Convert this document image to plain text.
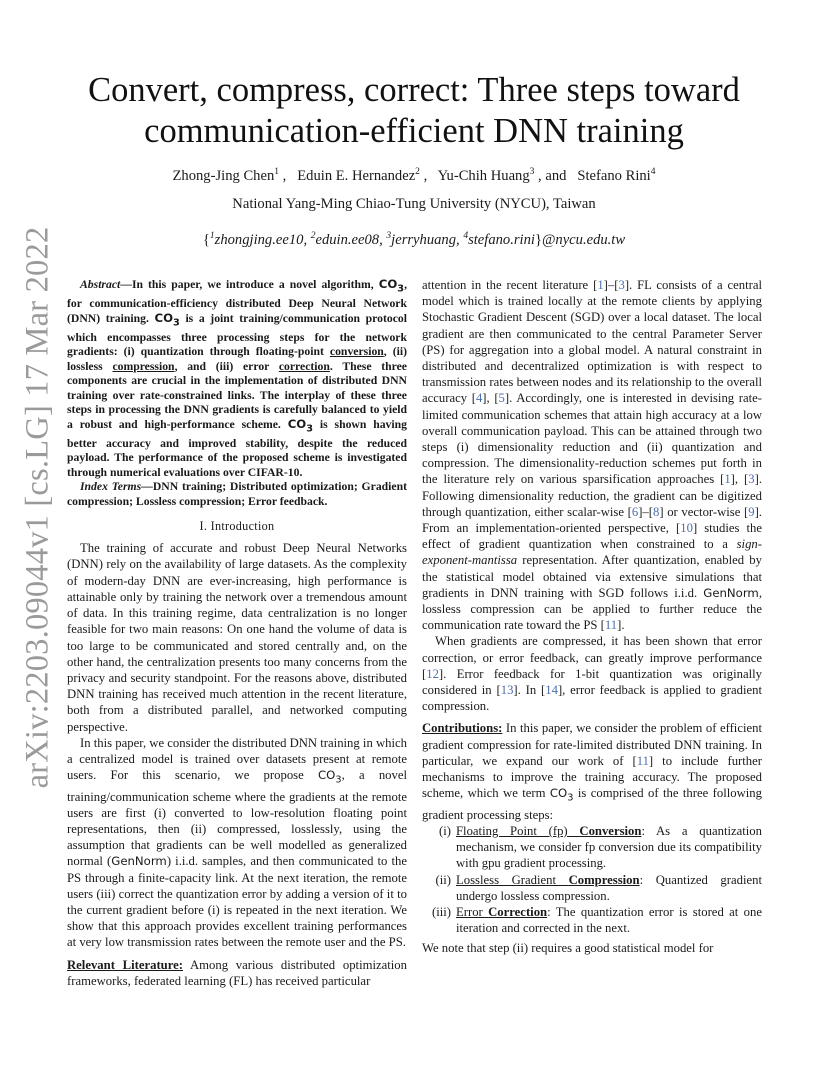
arXiv:2203.09044v1 [cs.LG] 17 Mar 2022
Convert, compress, correct: Three steps toward
communication-efficient DNN training
Zhong-Jing Chen$^1$ ,   Eduin E. Hernandez$^2$ ,   Yu-Chih Huang$^3$ , and   Stefano Rini$^4$
National Yang-Ming Chiao-Tung University (NYCU), Taiwan
{$^1$zhongjing.ee10, $^2$eduin.ee08, $^3$jerryhuang, $^4$stefano.rini}@nycu.edu.tw

Abstract—In this paper, we introduce a novel algorithm, $CO_3$, for communication-efficiency distributed Deep Neural Network (DNN) training. $CO_3$ is a joint training/communication protocol which encompasses three processing steps for the network gradients: (i) quantization through floating-point conversion, (ii) lossless compression, and (iii) error correction. These three components are crucial in the implementation of distributed DNN training over rate-constrained links. The interplay of these three steps in processing the DNN gradients is carefully balanced to yield a robust and high-performance scheme. $CO_3$ is shown having better accuracy and improved stability, despite the reduced payload. The performance of the proposed scheme is investigated through numerical evaluations over CIFAR-10.

Index Terms—DNN training; Distributed optimization; Gradient compression; Lossless compression; Error feedback.

I. Introduction

The training of accurate and robust Deep Neural Networks (DNN) rely on the availability of large datasets. As the complexity of modern-day DNN are ever-increasing, high performance is attainable only by training the network over a tremendous amount of data. In this training regime, data centralization is no longer feasible for two main reasons: On one hand the volume of data is too large to be communicated and stored centrally and, on the other hand, the centralization presents too many concerns from the privacy and security standpoint. For the reasons above, distributed DNN training has received much attention in the recent literature, both from a distributed parallel, and networked computing perspective.

In this paper, we consider the distributed DNN training in which a centralized model is trained over datasets present at remote users. For this scenario, we propose $CO_3$, a novel training/communication scheme where the gradients at the remote users are first (i) converted to low-resolution floating point representations, then (ii) compressed, losslessly, using the assumption that gradients can be well modelled as generalized normal (GenNorm) i.i.d. samples, and then communicated to the PS through a finite-capacity link. At the next iteration, the remote users (iii) correct the quantization error by adding a version of it to the current gradient before (i) is repeated in the next iteration. We show that this approach provides excellent training performances at very low transmission rates between the remote user and the PS.

Relevant Literature: Among various distributed optimization frameworks, federated learning (FL) has received particular

attention in the recent literature [1]–[3]. FL consists of a central model which is trained locally at the remote clients by applying Stochastic Gradient Descent (SGD) over a local dataset. The local gradient are then communicated to the central Parameter Server (PS) for aggregation into a global model. A natural constraint in distributed and decentralized optimization is with respect to transmission rates between nodes and its relationship to the overall accuracy [4], [5]. Accordingly, one is interested in devising rate-limited communication schemes that attain high accuracy at a low overall communication payload. This can be attained through two steps (i) dimensionality reduction and (ii) quantization and compression. The dimensionality-reduction schemes put forth in the literature rely on various sparsification approaches [1], [3]. Following dimensionality reduction, the gradient can be digitized through quantization, either scalar-wise [6]–[8] or vector-wise [9]. From an implementation-oriented perspective, [10] studies the effect of gradient quantization when constrained to a sign-exponent-mantissa representation. After quantization, enabled by the statistical model obtained via extensive simulations that gradients in DNN training with SGD follows i.i.d. GenNorm, lossless compression can be applied to further reduce the communication rate toward the PS [11].

When gradients are compressed, it has been shown that error correction, or error feedback, can greatly improve performance [12]. Error feedback for 1-bit quantization was originally considered in [13]. In [14], error feedback is applied to gradient compression.

Contributions: In this paper, we consider the problem of efficient gradient compression for rate-limited distributed DNN training. In particular, we expand our work of [11] to include further mechanisms to improve the training accuracy. The proposed scheme, which we term $CO_3$ is comprised of the three following gradient processing steps:

(i) Floating Point (fp) Conversion: As a quantization mechanism, we consider fp conversion due its compatibility with gpu gradient processing.
(ii) Lossless Gradient Compression: Quantized gradient undergo lossless compression.
(iii) Error Correction: The quantization error is stored at one iteration and corrected in the next.

We note that step (ii) requires a good statistical model for
